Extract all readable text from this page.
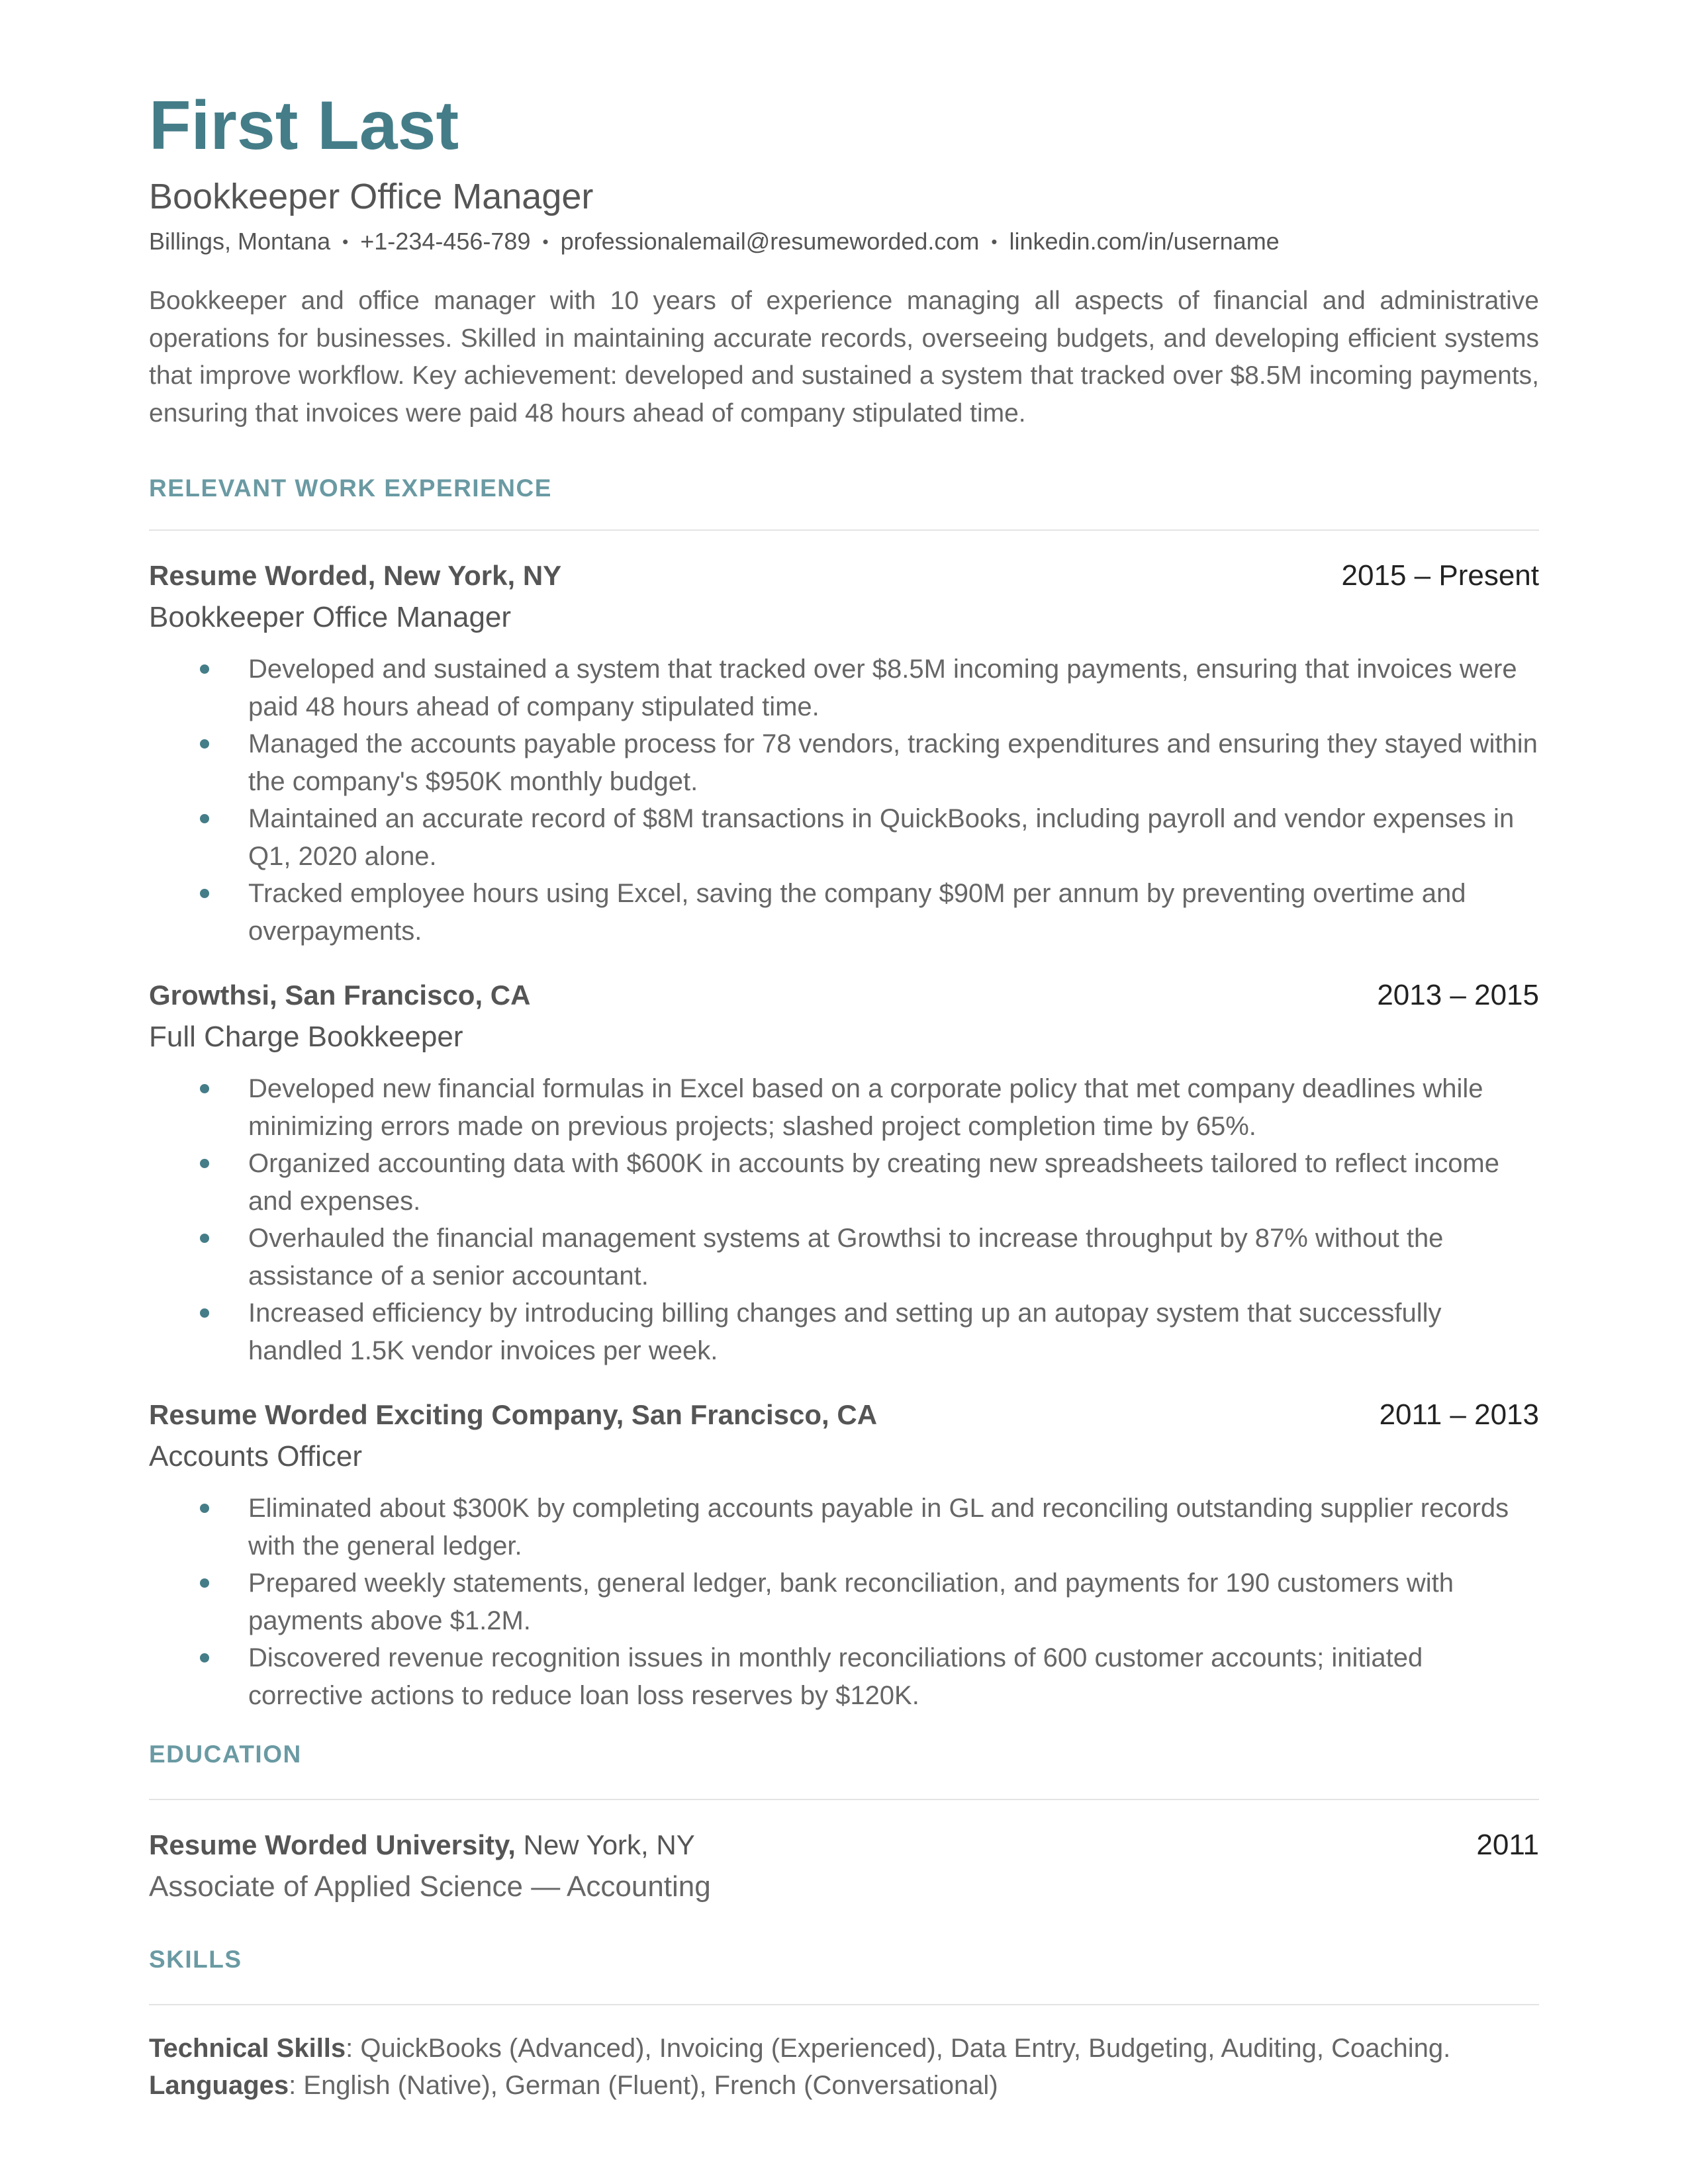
First Last
Bookkeeper Office Manager
Billings, Montana • +1-234-456-789 • professionalemail@resumeworded.com • linkedin.com/in/username

Bookkeeper and office manager with 10 years of experience managing all aspects of financial and administrative operations for businesses. Skilled in maintaining accurate records, overseeing budgets, and developing efficient systems that improve workflow. Key achievement: developed and sustained a system that tracked over $8.5M incoming payments, ensuring that invoices were paid 48 hours ahead of company stipulated time.

RELEVANT WORK EXPERIENCE
Resume Worded, New York, NY	2015 – Present
Bookkeeper Office Manager
Developed and sustained a system that tracked over $8.5M incoming payments, ensuring that invoices were paid 48 hours ahead of company stipulated time.
Managed the accounts payable process for 78 vendors, tracking expenditures and ensuring they stayed within the company's $950K monthly budget.
Maintained an accurate record of $8M transactions in QuickBooks, including payroll and vendor expenses in Q1, 2020 alone.
Tracked employee hours using Excel, saving the company $90M per annum by preventing overtime and overpayments.
Growthsi, San Francisco, CA	2013 – 2015
Full Charge Bookkeeper
Developed new financial formulas in Excel based on a corporate policy that met company deadlines while minimizing errors made on previous projects; slashed project completion time by 65%.
Organized accounting data with $600K in accounts by creating new spreadsheets tailored to reflect income and expenses.
Overhauled the financial management systems at Growthsi to increase throughput by 87% without the assistance of a senior accountant.
Increased efficiency by introducing billing changes and setting up an autopay system that successfully handled 1.5K vendor invoices per week.
Resume Worded Exciting Company, San Francisco, CA	2011 – 2013
Accounts Officer
Eliminated about $300K by completing accounts payable in GL and reconciling outstanding supplier records with the general ledger.
Prepared weekly statements, general ledger, bank reconciliation, and payments for 190 customers with payments above $1.2M.
Discovered revenue recognition issues in monthly reconciliations of 600 customer accounts; initiated corrective actions to reduce loan loss reserves by $120K.
EDUCATION
Resume Worded University, New York, NY	2011
Associate of Applied Science — Accounting
SKILLS
Technical Skills: QuickBooks (Advanced), Invoicing (Experienced), Data Entry, Budgeting, Auditing, Coaching.
Languages: English (Native), German (Fluent), French (Conversational)
